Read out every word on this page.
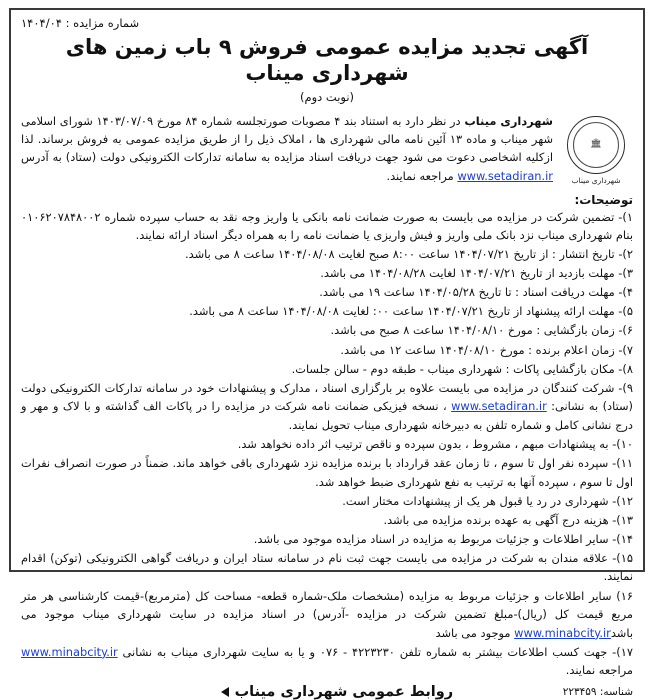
شماره مزایده : ۱۴۰۴/۰۴
آگهی تجدید مزایده عمومی فروش ۹ باب زمین های شهرداری میناب
(نوبت دوم)
🏛
شهرداری میناب
شهرداری میناب در نظر دارد به استناد بند ۴ مصوبات صورتجلسه شماره ۸۴ مورخ ۱۴۰۳/۰۷/۰۹ شورای اسلامی شهر میناب و ماده ۱۳ آئین نامه مالی شهرداری ها ، املاک ذیل را از طریق مزایده عمومی به فروش برساند. لذا ازکلیه اشخاصی دعوت می شود جهت دریافت اسناد مزایده به سامانه تدارکات الکترونیکی دولت (ستاد) به آدرس www.setadiran.ir مراجعه نمایند.
توضیحات:

۱)- تضمین شرکت در مزایده می بایست به صورت ضمانت نامه بانکی یا واریز وجه نقد به حساب سپرده شماره ۰۱۰۶۲۰۷۸۴۸۰۰۲ بنام شهرداری میناب نزد بانک ملی واریز و فیش واریزی یا ضمانت نامه را به همراه دیگر اسناد ارائه نمایند.

۲)- تاریخ انتشار : از تاریخ ۱۴۰۴/۰۷/۲۱ ساعت ۸:۰۰ صبح لغایت ۱۴۰۴/۰۸/۰۸ ساعت ۸ می باشد.

۳)- مهلت بازدید از تاریخ ۱۴۰۴/۰۷/۲۱ لغایت ۱۴۰۴/۰۸/۲۸ می باشد.

۴)- مهلت دریافت اسناد : تا تاریخ ۱۴۰۴/۰۵/۲۸ ساعت ۱۹ می باشد.

۵)- مهلت ارائه پیشنهاد از تاریخ ۱۴۰۴/۰۷/۲۱ ساعت ۰۰: لغایت ۱۴۰۴/۰۸/۰۸ ساعت ۸ می باشد.

۶)- زمان بازگشایی : مورخ ۱۴۰۴/۰۸/۱۰ ساعت ۸ صبح می باشد.

۷)- زمان اعلام برنده : مورخ ۱۴۰۴/۰۸/۱۰ ساعت ۱۲ می باشد.

۸)- مکان بازگشایی پاکات : شهرداری میناب - طبقه دوم - سالن جلسات.

۹)- شرکت کنندگان در مزایده می بایست علاوه بر بارگزاری اسناد ، مدارک و پیشنهادات خود در سامانه تدارکات الکترونیکی دولت (ستاد) به نشانی: www.setadiran.ir ، نسخه فیزیکی ضمانت نامه شرکت در مزایده را در پاکات الف گذاشته و با لاک و مهر و درج نشانی کامل و شماره تلفن به دبیرخانه شهرداری میناب تحویل نمایند.

۱۰)- به پیشنهادات مبهم ، مشروط ، بدون سپرده و ناقص ترتیب اثر داده نخواهد شد.

۱۱)- سپرده نفر اول تا سوم ، تا زمان عقد قرارداد با برنده مزایده نزد شهرداری باقی خواهد ماند. ضمناً در صورت انصراف نفرات اول تا سوم ، سپرده آنها به ترتیب به نفع شهرداری ضبط خواهد شد.

۱۲)- شهرداری در رد یا قبول هر یک از پیشنهادات مختار است.

۱۳)- هزینه درج آگهی به عهده برنده مزایده می باشد.

۱۴)- سایر اطلاعات و جزئیات مربوط به مزایده در اسناد مزایده موجود می باشد.

۱۵)- علاقه مندان به شرکت در مزایده می بایست جهت ثبت نام در سامانه ستاد ایران و دریافت گواهی الکترونیکی (توکن) اقدام نمایند.

۱۶) سایر اطلاعات و جزئیات مربوط به مزایده (مشخصات ملک-شماره قطعه- مساحت کل (مترمربع)-قیمت کارشناسی هر متر مربع قیمت کل (ریال)-مبلغ تضمین شرکت در مزایده -آدرس) در اسناد مزایده در سایت شهرداری میناب موجود می باشدwww.minabcity.ir موجود می باشد

۱۷)- جهت کسب اطلاعات بیشتر به شماره تلفن ۴۲۲۳۲۳۰ - ۰۷۶ و یا به سایت شهرداری میناب به نشانی www.minabcity.ir مراجعه نمایند.

روابط عمومی شهرداری میناب	شناسه: ۲۲۳۴۵۹
